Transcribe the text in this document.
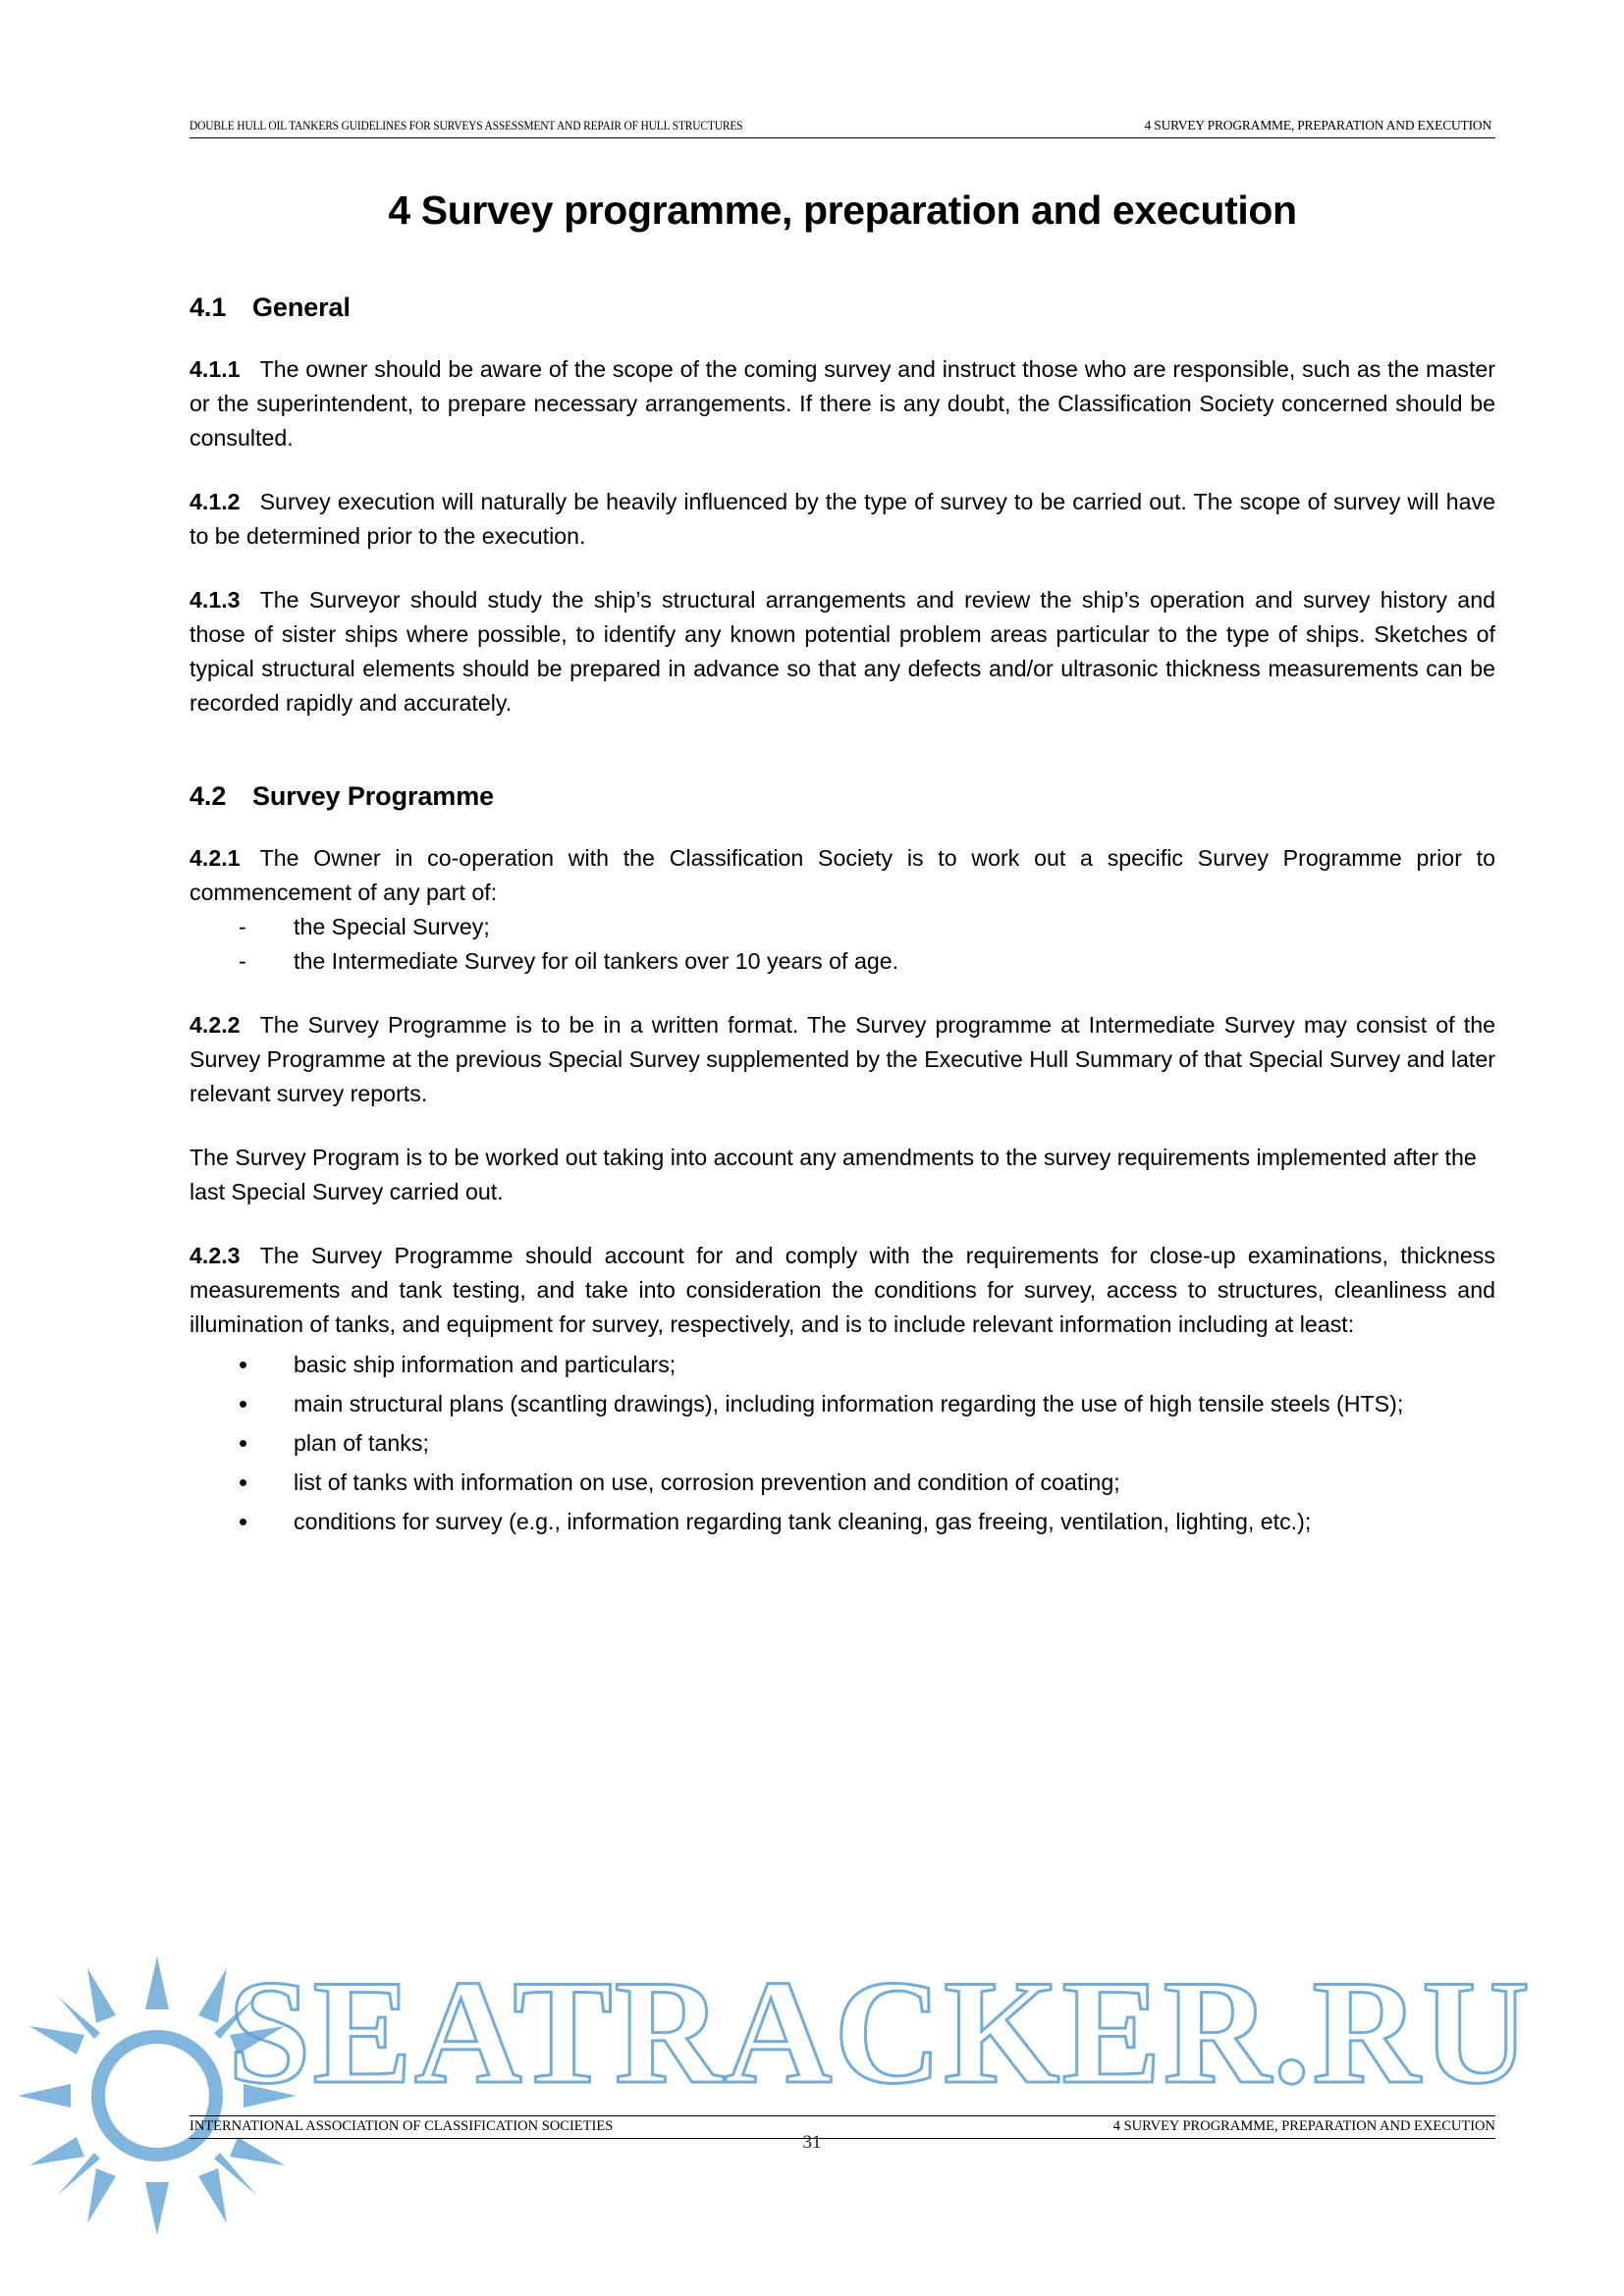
DOUBLE HULL OIL TANKERS GUIDELINES FOR SURVEYS ASSESSMENT AND REPAIR OF HULL STRUCTURES	4 SURVEY PROGRAMME, PREPARATION AND EXECUTION
4 Survey programme, preparation and execution
4.1 General

4.1.1 The owner should be aware of the scope of the coming survey and instruct those who are responsible, such as the master or the superintendent, to prepare necessary arrangements. If there is any doubt, the Classification Society concerned should be consulted.

4.1.2 Survey execution will naturally be heavily influenced by the type of survey to be carried out. The scope of survey will have to be determined prior to the execution.

4.1.3 The Surveyor should study the ship’s structural arrangements and review the ship’s operation and survey history and those of sister ships where possible, to identify any known potential problem areas particular to the type of ships. Sketches of typical structural elements should be prepared in advance so that any defects and/or ultrasonic thickness measurements can be recorded rapidly and accurately.

4.2 Survey Programme

4.2.1 The Owner in co-operation with the Classification Society is to work out a specific Survey Programme prior to commencement of any part of:

-	the Special Survey;
-	the Intermediate Survey for oil tankers over 10 years of age.

4.2.2 The Survey Programme is to be in a written format. The Survey programme at Intermediate Survey may consist of the Survey Programme at the previous Special Survey supplemented by the Executive Hull Summary of that Special Survey and later relevant survey reports.

The Survey Program is to be worked out taking into account any amendments to the survey requirements implemented after the last Special Survey carried out.

4.2.3 The Survey Programme should account for and comply with the requirements for close-up examinations, thickness measurements and tank testing, and take into consideration the conditions for survey, access to structures, cleanliness and illumination of tanks, and equipment for survey, respectively, and is to include relevant information including at least:

•	basic ship information and particulars;
•	main structural plans (scantling drawings), including information regarding the use of high tensile steels (HTS);
•	plan of tanks;
•	list of tanks with information on use, corrosion prevention and condition of coating;
•	conditions for survey (e.g., information regarding tank cleaning, gas freeing, ventilation, lighting, etc.);
SEATRACKER.RU
INTERNATIONAL ASSOCIATION OF CLASSIFICATION SOCIETIES	4 SURVEY PROGRAMME, PREPARATION AND EXECUTION
31
